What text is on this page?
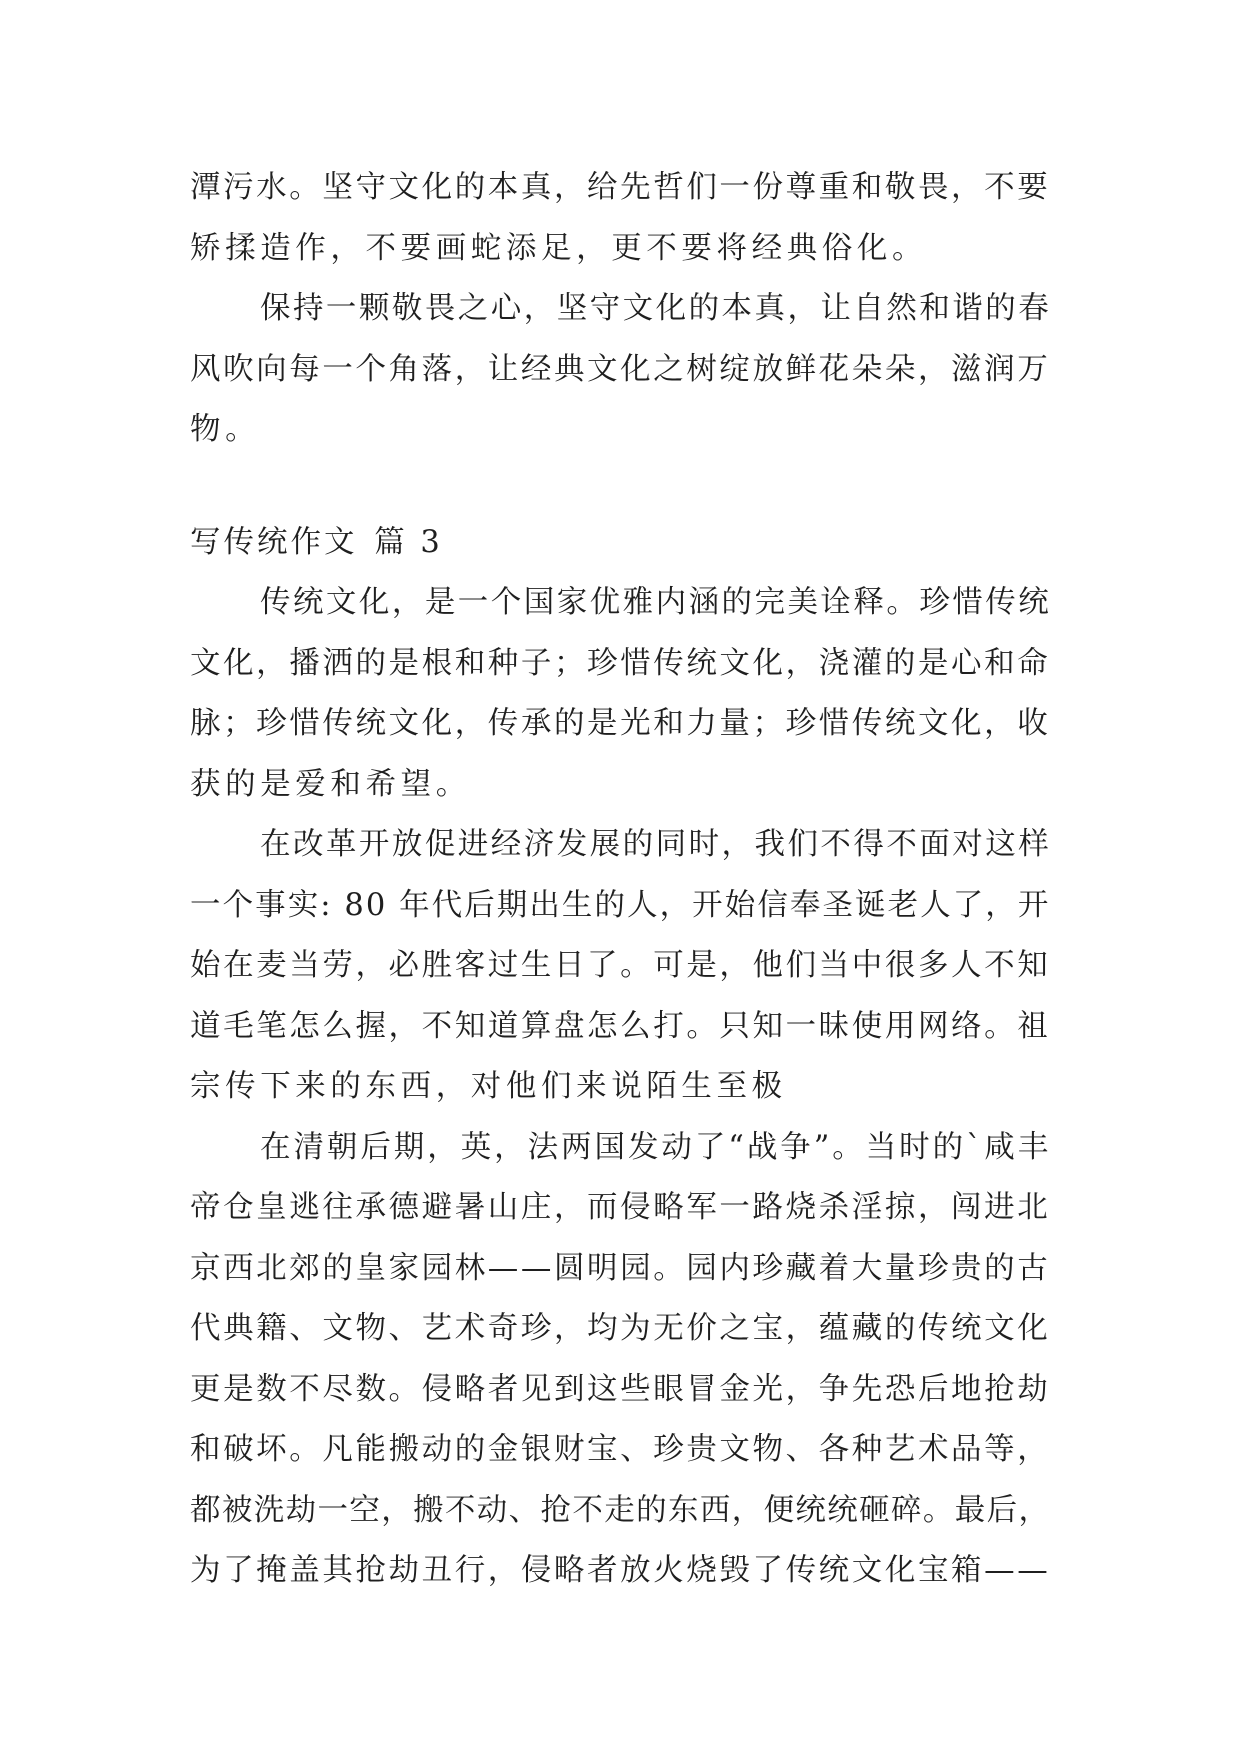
潭污水。坚守文化的本真，给先哲们一份尊重和敬畏，不要
矫揉造作，不要画蛇添足，更不要将经典俗化。
保持一颗敬畏之心，坚守文化的本真，让自然和谐的春
风吹向每一个角落，让经典文化之树绽放鲜花朵朵，滋润万
物。
写传统作文 篇 3
传统文化，是一个国家优雅内涵的完美诠释。珍惜传统
文化，播洒的是根和种子；珍惜传统文化，浇灌的是心和命
脉；珍惜传统文化，传承的是光和力量；珍惜传统文化，收
获的是爱和希望。
在改革开放促进经济发展的同时，我们不得不面对这样
一个事实: 80 年代后期出生的人，开始信奉圣诞老人了，开
始在麦当劳，必胜客过生日了。可是，他们当中很多人不知
道毛笔怎么握，不知道算盘怎么打。只知一昧使用网络。祖
宗传下来的东西，对他们来说陌生至极
在清朝后期，英，法两国发动了“战争”。当时的`咸丰
帝仓皇逃往承德避暑山庄，而侵略军一路烧杀淫掠，闯进北
京西北郊的皇家园林——圆明园。园内珍藏着大量珍贵的古
代典籍、文物、艺术奇珍，均为无价之宝，蕴藏的传统文化
更是数不尽数。侵略者见到这些眼冒金光，争先恐后地抢劫
和破坏。凡能搬动的金银财宝、珍贵文物、各种艺术品等，
都被洗劫一空，搬不动、抢不走的东西，便统统砸碎。最后，
为了掩盖其抢劫丑行，侵略者放火烧毁了传统文化宝箱——
